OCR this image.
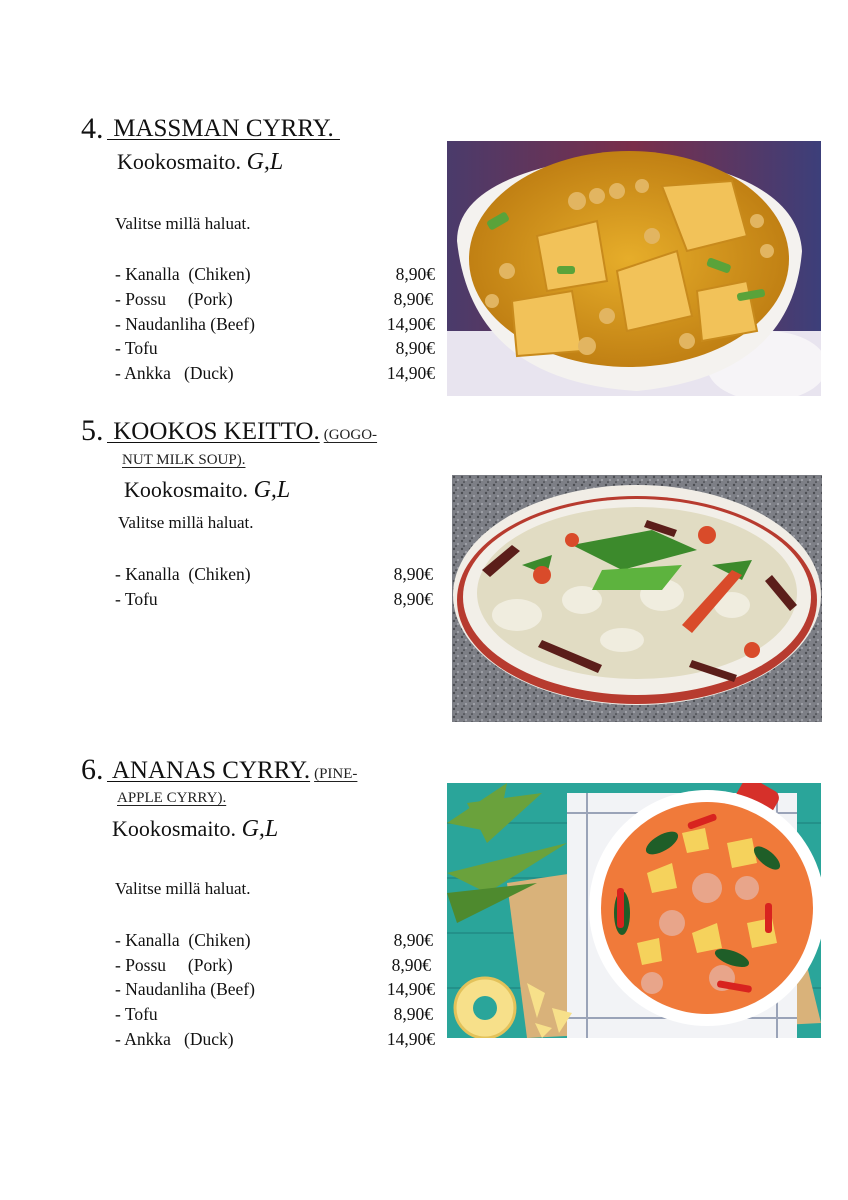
4. MASSMAN CYRRY.
Kookosmaito. G,L
Valitse millä haluat.
- Kanalla  (Chiken)	8,90€
- Possu     (Pork)	8,90€
- Naudanliha (Beef)	14,90€
- Tofu	8,90€
- Ankka   (Duck)	14,90€
5. KOOKOS KEITTO. (GOGO-
NUT MILK SOUP).
Kookosmaito. G,L
Valitse millä haluat.
- Kanalla  (Chiken)	8,90€
- Tofu	8,90€
6. ANANAS CYRRY. (PINE-
APPLE CYRRY).
Kookosmaito. G,L
Valitse millä haluat.
- Kanalla  (Chiken)	8,90€
- Possu     (Pork)	8,90€
- Naudanliha (Beef)	14,90€
- Tofu	8,90€
- Ankka   (Duck)	14,90€
